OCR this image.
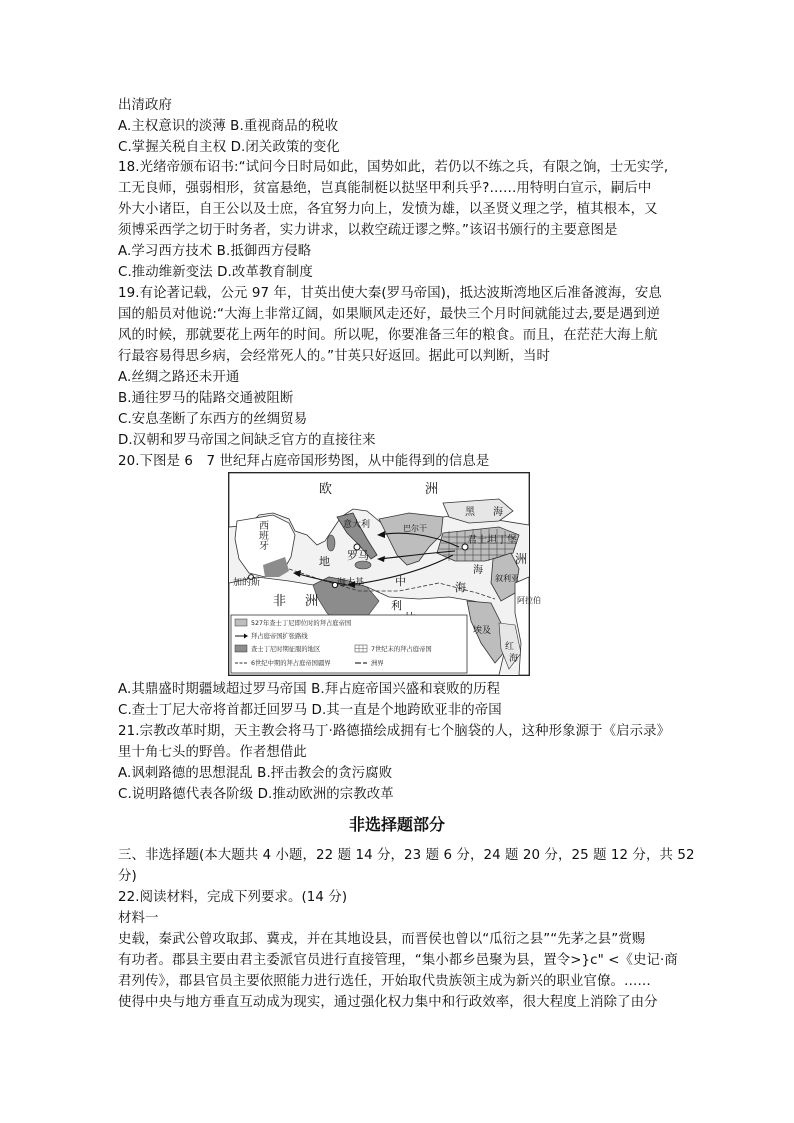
出清政府
A.主权意识的淡薄 B.重视商品的税收
C.掌握关税自主权 D.闭关政策的变化
18.光绪帝颁布诏书:“试问今日时局如此，国势如此，若仍以不练之兵，有限之饷，士无实学,
工无良师，强弱相形，贫富悬绝，岂真能制梃以挞坚甲利兵乎?……用特明白宣示，嗣后中
外大小诸臣，自王公以及士庶，各宜努力向上，发愤为雄，以圣贤义理之学，植其根本，又
须博采西学之切于时务者，实力讲求，以救空疏迂谬之弊。”该诏书颁行的主要意图是
A.学习西方技术 B.抵御西方侵略
C.推动维新变法 D.改革教育制度
19.有论著记载，公元 97 年，甘英出使大秦(罗马帝国)，抵达波斯湾地区后准备渡海，安息
国的船员对他说:“大海上非常辽阔，如果顺风走还好，最快三个月时间就能过去,要是遇到逆
风的时候，那就要花上两年的时间。所以呢，你要准备三年的粮食。而且，在茫茫大海上航
行最容易得思乡病，会经常死人的。”甘英只好返回。据此可以判断，当时
A.丝绸之路还未开通
B.通往罗马的陆路交通被阻断
C.安息垄断了东西方的丝绸贸易
D.汉朝和罗马帝国之间缺乏官方的直接往来
20.下图是 6　7 世纪拜占庭帝国形势图，从中能得到的信息是
欧	洲
西
班
牙
意大利
罗马
君士坦丁堡
迦太基
加的斯
非 洲
洲
地
中	海
黑 海
叙利亚
利
埃及
红
海
阿拉伯
海
巴尔干
527年查士丁尼即位时的拜占庭帝国
拜占庭帝国扩张路线
查士丁尼时期征服的地区	7世纪末的拜占庭帝国
6世纪中期的拜占庭帝国疆界	洲界
A.其鼎盛时期疆域超过罗马帝国 B.拜占庭帝国兴盛和衰败的历程
C.查士丁尼大帝将首都迁回罗马 D.其一直是个地跨欧亚非的帝国
21.宗教改革时期，天主教会将马丁·路德描绘成拥有七个脑袋的人，这种形象源于《启示录》
里十角七头的野兽。作者想借此
A.讽刺路德的思想混乱 B.抨击教会的贪污腐败
C.说明路德代表各阶级 D.推动欧洲的宗教改革
非选择题部分
三、非选择题(本大题共 4 小题，22 题 14 分，23 题 6 分，24 题 20 分，25 题 12 分，共 52
分)
22.阅读材料，完成下列要求。(14 分)
材料一
史载，秦武公曾攻取邽、冀戎，并在其地设县，而晋侯也曾以“瓜衍之县”“先茅之县”赏赐
有功者。郡县主要由君主委派官员进行直接管理，“集小都乡邑聚为县，置令>}c" <《史记·商
君列传》，郡县官员主要依照能力进行选任，开始取代贵族领主成为新兴的职业官僚。……
使得中央与地方垂直互动成为现实，通过强化权力集中和行政效率，很大程度上消除了由分
